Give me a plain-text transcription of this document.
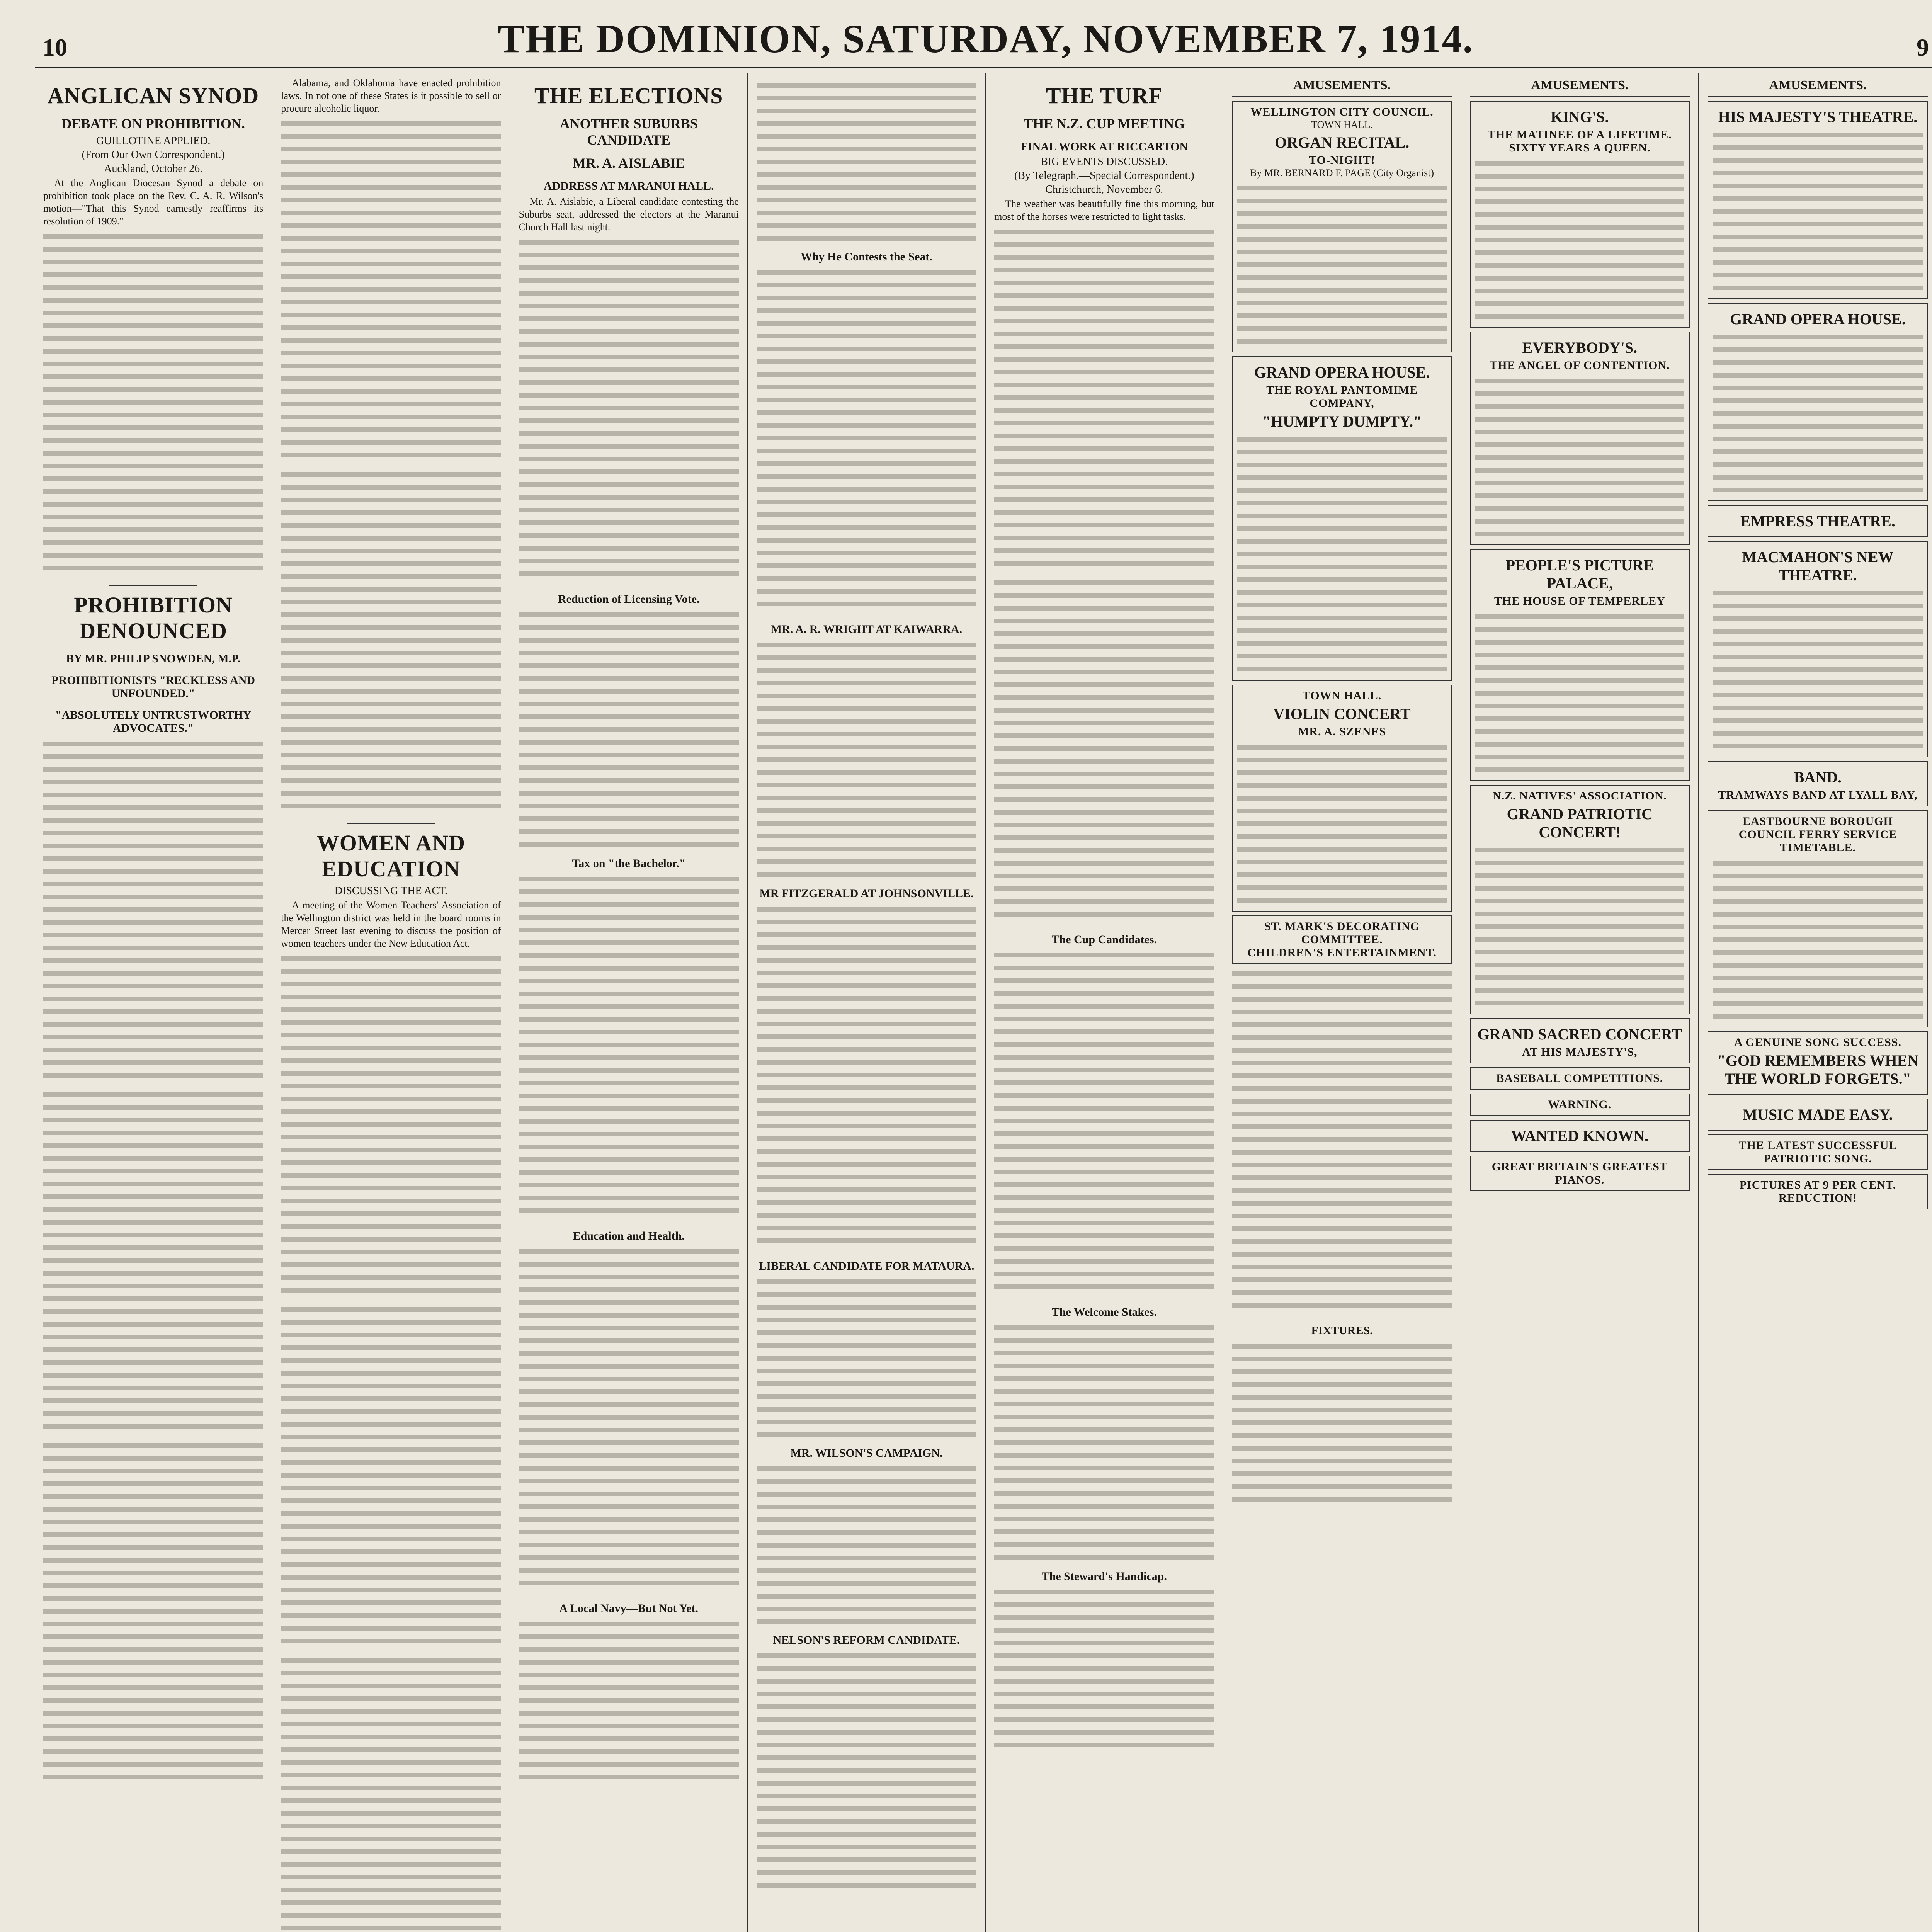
10	THE DOMINION, SATURDAY, NOVEMBER 7, 1914.	9
ANGLICAN SYNOD
DEBATE ON PROHIBITION.
GUILLOTINE APPLIED.
(From Our Own Correspondent.)
Auckland, October 26.

At the Anglican Diocesan Synod a debate on prohibition took place on the Rev. C. A. R. Wilson's motion—"That this Synod earnestly reaffirms its resolution of 1909."

PROHIBITION DENOUNCED
BY MR. PHILIP SNOWDEN, M.P.
PROHIBITIONISTS "RECKLESS AND UNFOUNDED."
"ABSOLUTELY UNTRUSTWORTHY ADVOCATES."

Alabama, and Oklahoma have enacted prohibition laws. In not one of these States is it possible to sell or procure alcoholic liquor.

WOMEN AND EDUCATION
DISCUSSING THE ACT.

A meeting of the Women Teachers' Association of the Wellington district was held in the board rooms in Mercer Street last evening to discuss the position of women teachers under the New Education Act.

THE ELECTIONS
ANOTHER SUBURBS CANDIDATE
MR. A. AISLABIE
ADDRESS AT MARANUI HALL.

Mr. A. Aislabie, a Liberal candidate contesting the Suburbs seat, addressed the electors at the Maranui Church Hall last night.

Reduction of Licensing Vote.
Tax on "the Bachelor."
Education and Health.
A Local Navy—But Not Yet.
Why He Contests the Seat.
MR. A. R. WRIGHT AT KAIWARRA.
MR FITZGERALD AT JOHNSONVILLE.
LIBERAL CANDIDATE FOR MATAURA.
MR. WILSON'S CAMPAIGN.
NELSON'S REFORM CANDIDATE.
THE TURF
THE N.Z. CUP MEETING
FINAL WORK AT RICCARTON
BIG EVENTS DISCUSSED.
(By Telegraph.—Special Correspondent.)
Christchurch, November 6.

The weather was beautifully fine this morning, but most of the horses were restricted to light tasks.

The Cup Candidates.
The Welcome Stakes.
The Steward's Handicap.
AMUSEMENTS.
WELLINGTON CITY COUNCIL.
TOWN HALL.
ORGAN RECITAL.
TO-NIGHT!
By MR. BERNARD F. PAGE (City Organist)
GRAND OPERA HOUSE.
THE ROYAL PANTOMIME COMPANY,
"HUMPTY DUMPTY."
TOWN HALL.
VIOLIN CONCERT
MR. A. SZENES
ST. MARK'S DECORATING COMMITTEE.
CHILDREN'S ENTERTAINMENT.
FIXTURES.
AMUSEMENTS.
KING'S.
THE MATINEE OF A LIFETIME.
SIXTY YEARS A QUEEN.
EVERYBODY'S.
THE ANGEL OF CONTENTION.
PEOPLE'S PICTURE PALACE,
THE HOUSE OF TEMPERLEY
N.Z. NATIVES' ASSOCIATION.
GRAND PATRIOTIC CONCERT!
GRAND SACRED CONCERT
AT HIS MAJESTY'S,
BASEBALL COMPETITIONS.
WARNING.
WANTED KNOWN.
GREAT BRITAIN'S GREATEST PIANOS.
AMUSEMENTS.
HIS MAJESTY'S THEATRE.
GRAND OPERA HOUSE.
EMPRESS THEATRE.
MACMAHON'S NEW THEATRE.
BAND.
TRAMWAYS BAND AT LYALL BAY,
EASTBOURNE BOROUGH COUNCIL FERRY SERVICE TIMETABLE.
A GENUINE SONG SUCCESS.
"GOD REMEMBERS WHEN THE WORLD FORGETS."
MUSIC MADE EASY.
THE LATEST SUCCESSFUL PATRIOTIC SONG.
PICTURES AT 9 PER CENT. REDUCTION!
